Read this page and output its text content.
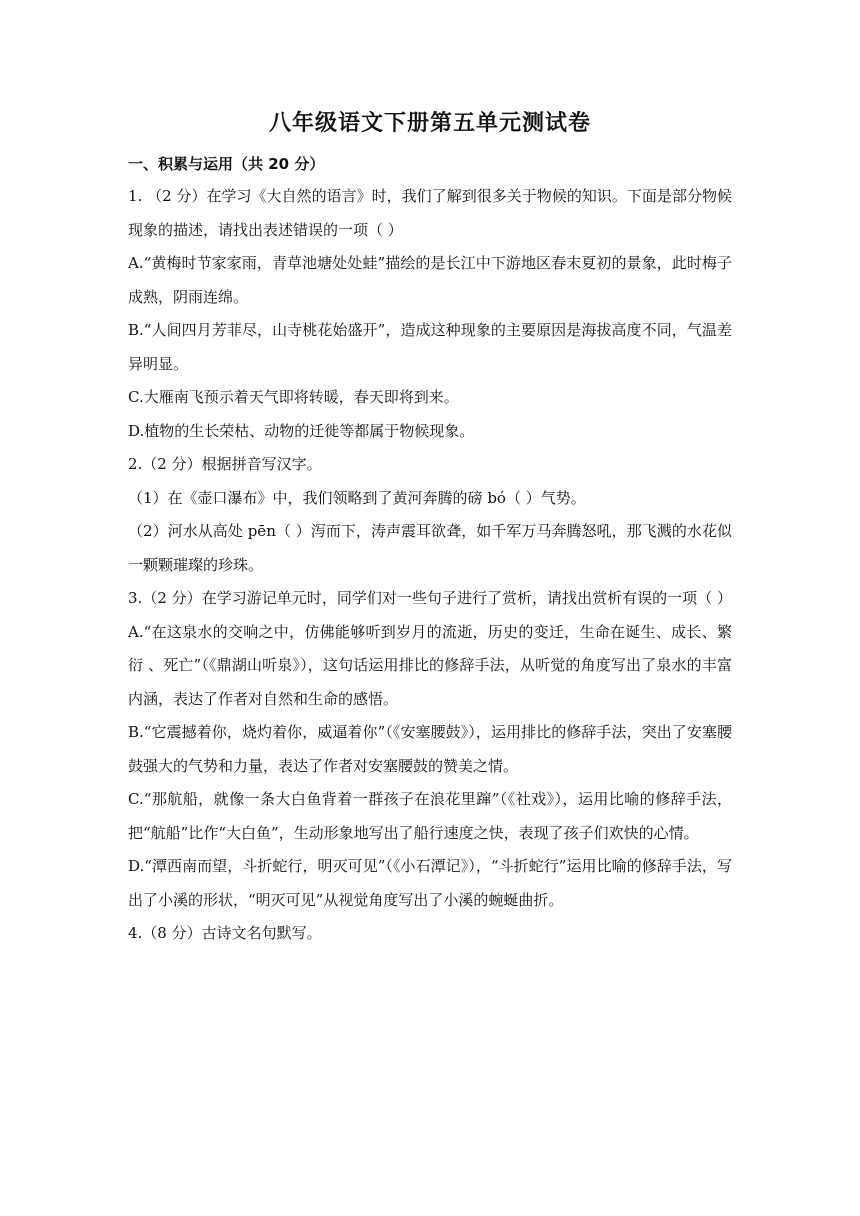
八年级语文下册第五单元测试卷

一、积累与运用（共 20 分）

1. （2 分）在学习《大自然的语言》时，我们了解到很多关于物候的知识。下面是部分物候现象的描述，请找出表述错误的一项（ ）

A.“黄梅时节家家雨，青草池塘处处蛙”描绘的是长江中下游地区春末夏初的景象，此时梅子成熟，阴雨连绵。

B.“人间四月芳菲尽，山寺桃花始盛开”，造成这种现象的主要原因是海拔高度不同，气温差异明显。

C.大雁南飞预示着天气即将转暖，春天即将到来。

D.植物的生长荣枯、动物的迁徙等都属于物候现象。

2.（2 分）根据拼音写汉字。

（1）在《壶口瀑布》中，我们领略到了黄河奔腾的磅 bó（ ）气势。

（2）河水从高处 pēn（ ）泻而下，涛声震耳欲聋，如千军万马奔腾怒吼，那飞溅的水花似一颗颗璀璨的珍珠。

3.（2 分）在学习游记单元时，同学们对一些句子进行了赏析，请找出赏析有误的一项（ ） A.“在这泉水的交响之中，仿佛能够听到岁月的流逝，历史的变迁，生命在诞生、成长、繁衍 、死亡”（《鼎湖山听泉》），这句话运用排比的修辞手法，从听觉的角度写出了泉水的丰富内涵，表达了作者对自然和生命的感悟。

B.“它震撼着你，烧灼着你，威逼着你”（《安塞腰鼓》），运用排比的修辞手法，突出了安塞腰鼓强大的气势和力量，表达了作者对安塞腰鼓的赞美之情。

C.“那航船，就像一条大白鱼背着一群孩子在浪花里蹿”（《社戏》），运用比喻的修辞手法，把“航船”比作“大白鱼”，生动形象地写出了船行速度之快，表现了孩子们欢快的心情。

D.“潭西南而望，斗折蛇行，明灭可见”（《小石潭记》），“斗折蛇行”运用比喻的修辞手法，写出了小溪的形状，“明灭可见”从视觉角度写出了小溪的蜿蜒曲折。

4.（8 分）古诗文名句默写。
